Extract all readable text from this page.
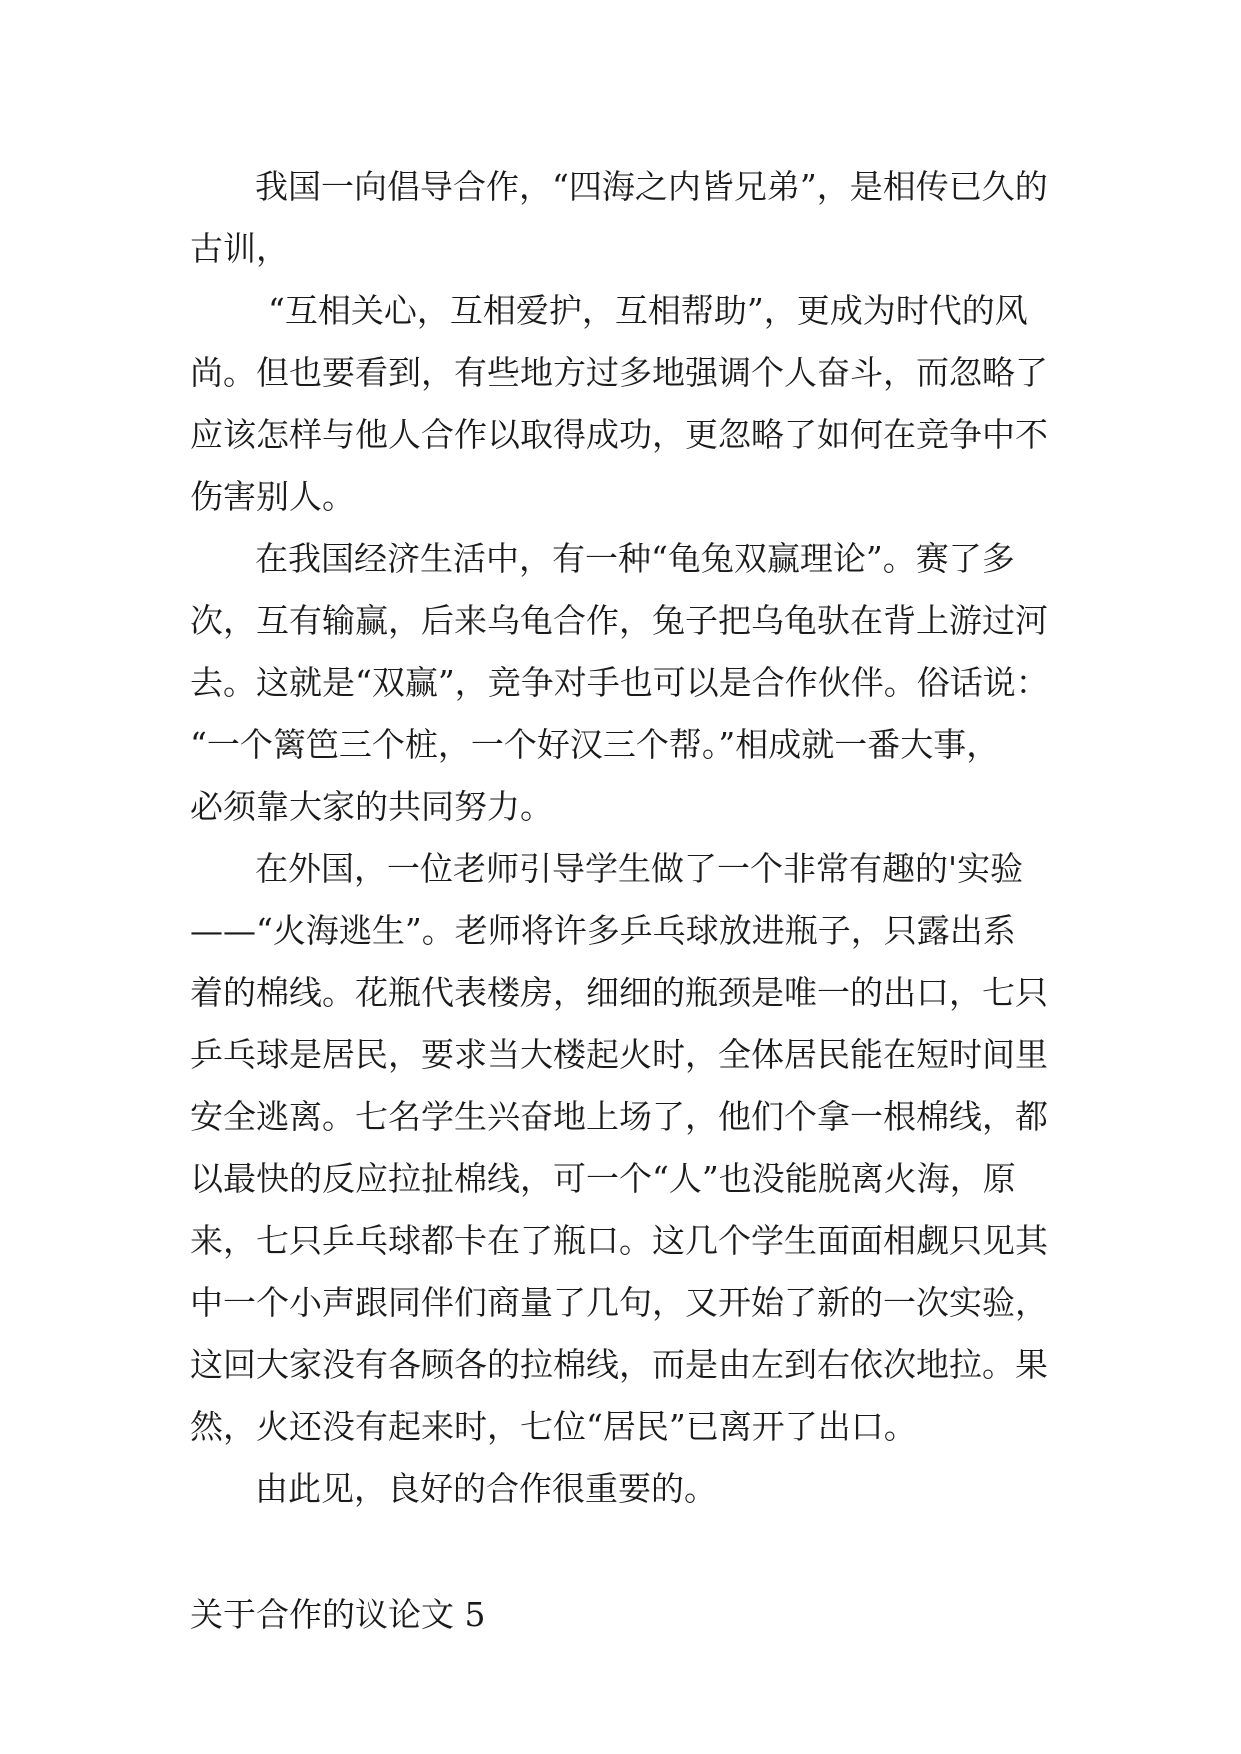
我国一向倡导合作，“四海之内皆兄弟”，是相传已久的
古训，
“互相关心，互相爱护，互相帮助”，更成为时代的风
尚。但也要看到，有些地方过多地强调个人奋斗，而忽略了
应该怎样与他人合作以取得成功，更忽略了如何在竞争中不
伤害别人。
在我国经济生活中，有一种“龟兔双赢理论”。赛了多
次，互有输赢，后来乌龟合作，兔子把乌龟驮在背上游过河
去。这就是“双赢”，竞争对手也可以是合作伙伴。俗话说：
“一个篱笆三个桩，一个好汉三个帮。”相成就一番大事，
必须靠大家的共同努力。
在外国，一位老师引导学生做了一个非常有趣的'实验
——“火海逃生”。老师将许多乒乓球放进瓶子，只露出系
着的棉线。花瓶代表楼房，细细的瓶颈是唯一的出口，七只
乒乓球是居民，要求当大楼起火时，全体居民能在短时间里
安全逃离。七名学生兴奋地上场了，他们个拿一根棉线，都
以最快的反应拉扯棉线，可一个“人”也没能脱离火海，原
来，七只乒乓球都卡在了瓶口。这几个学生面面相觑只见其
中一个小声跟同伴们商量了几句，又开始了新的一次实验，
这回大家没有各顾各的拉棉线，而是由左到右依次地拉。果
然，火还没有起来时，七位“居民”已离开了出口。
由此见，良好的合作很重要的。
关于合作的议论文 5
